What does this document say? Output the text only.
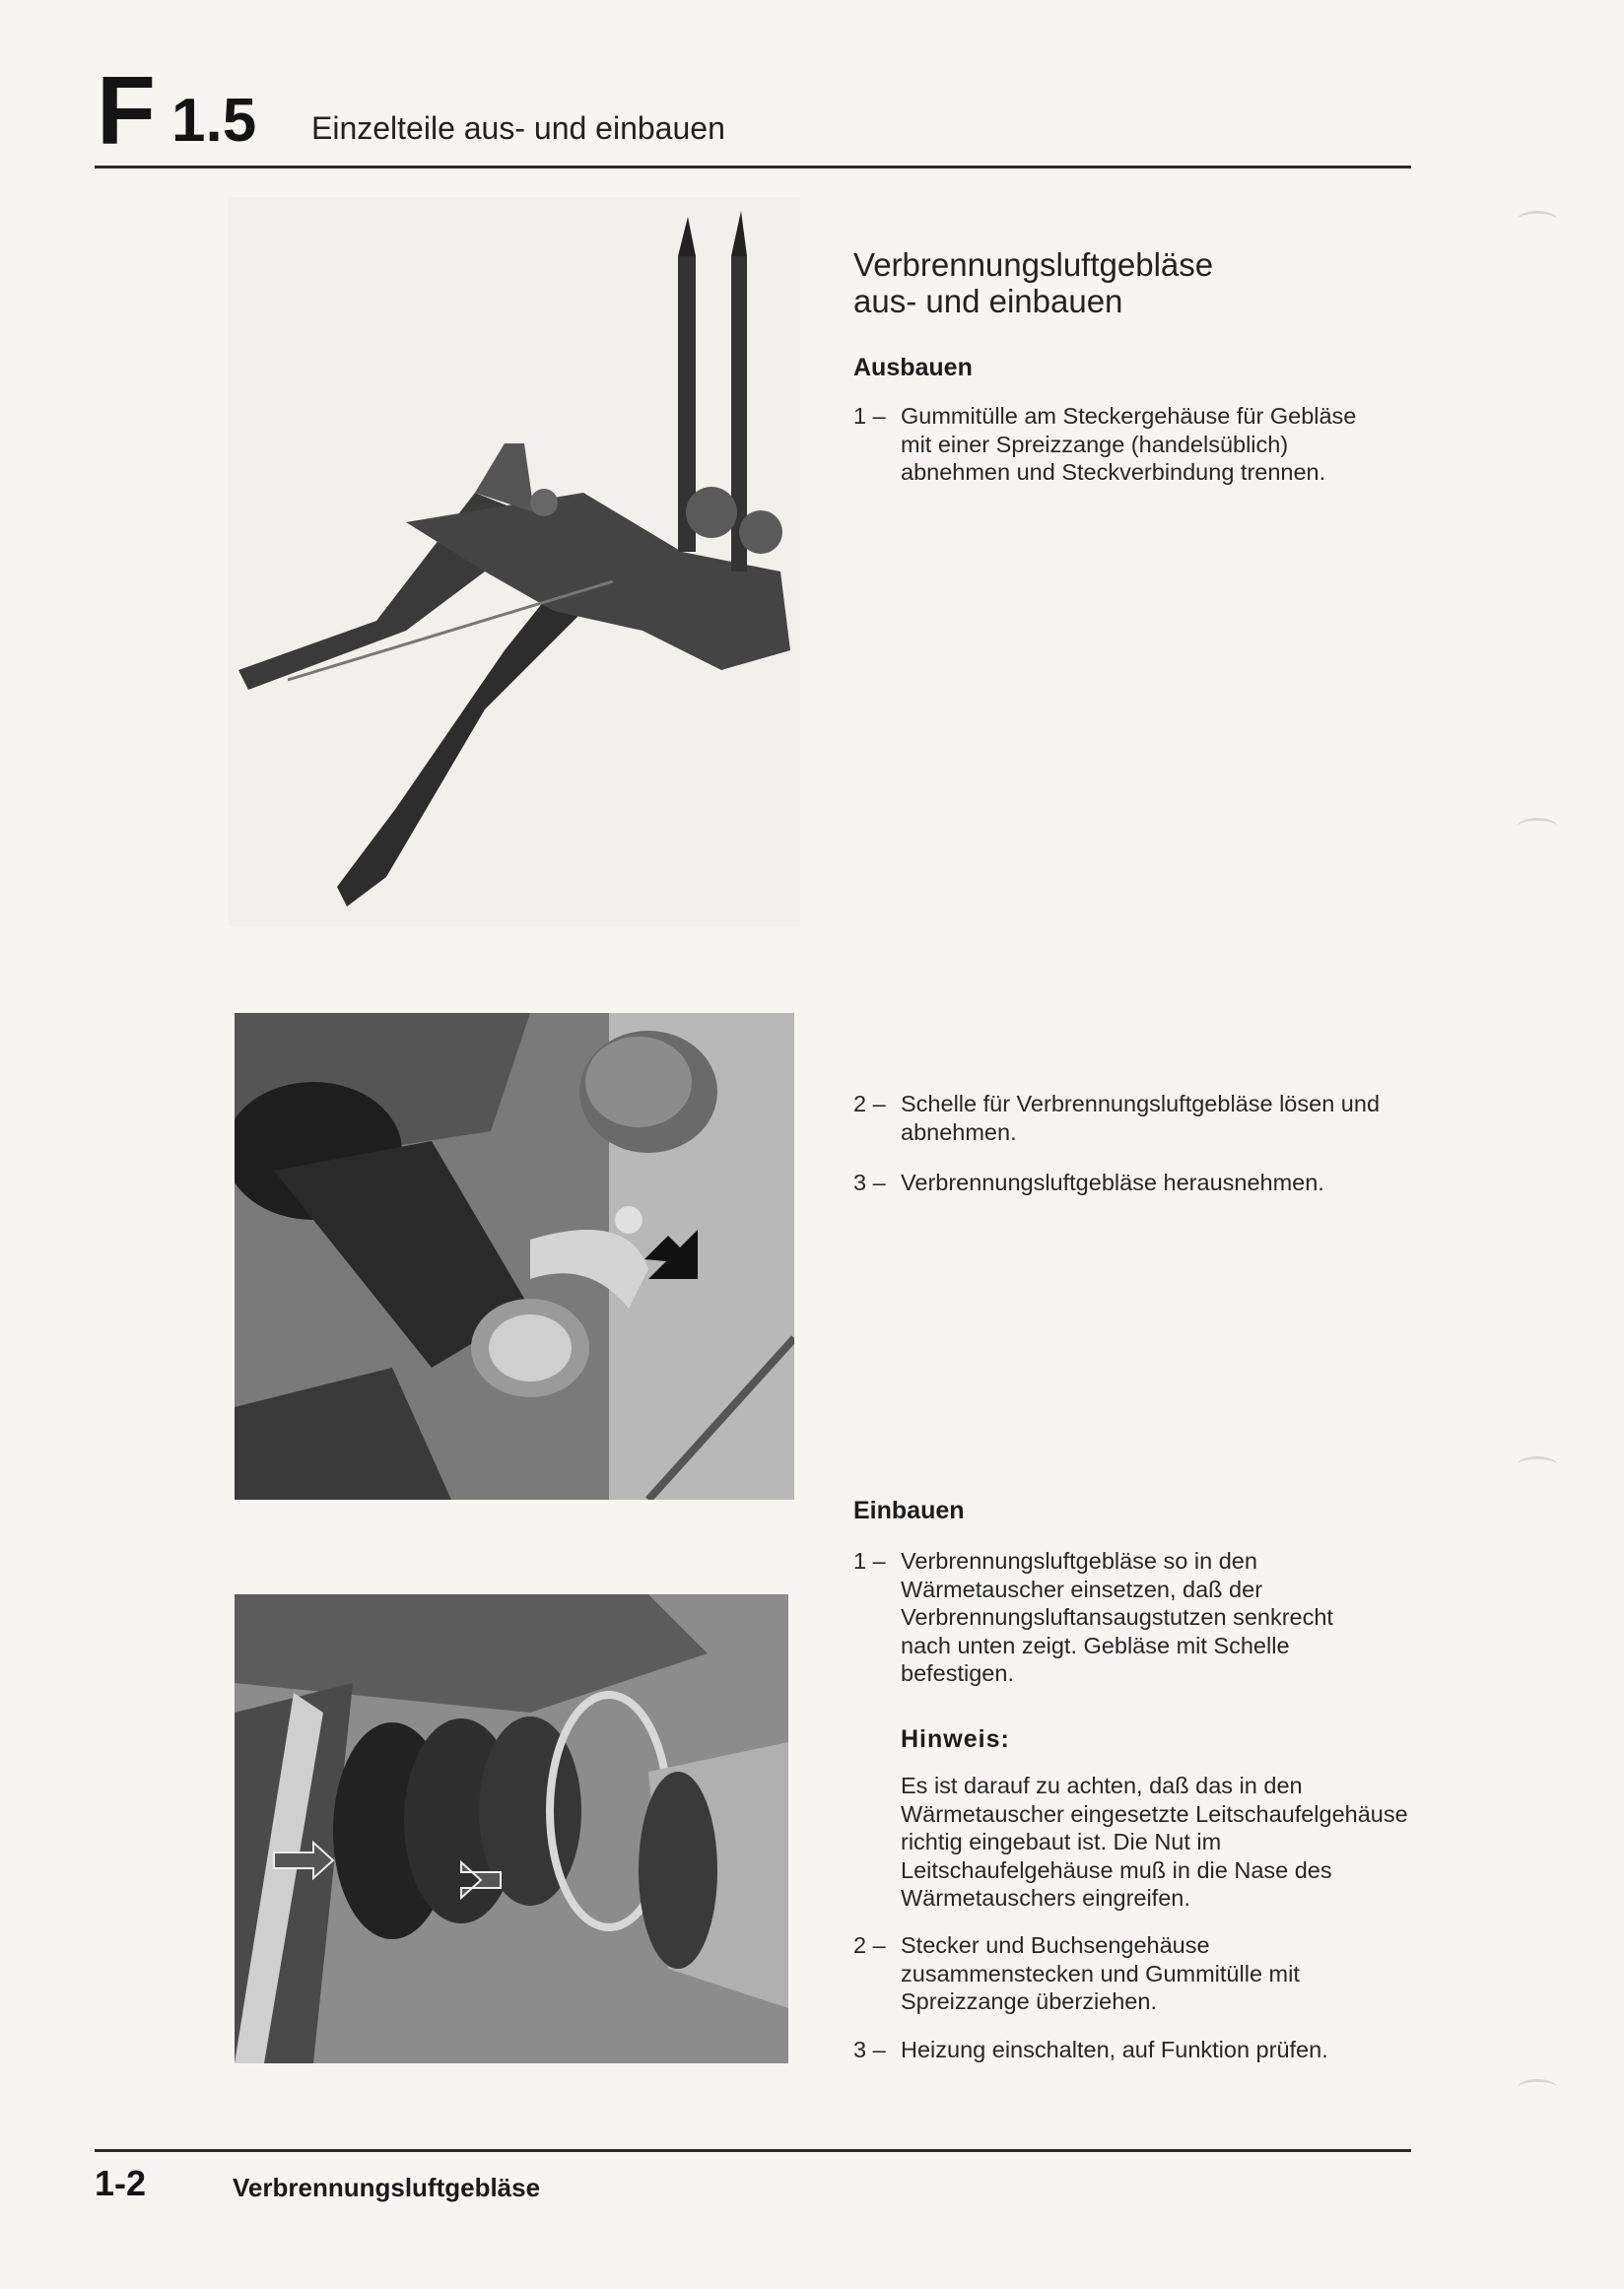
F 1.5 Einzelteile aus- und einbauen

Verbrennungsluftgebläse

aus- und einbauen

Ausbauen

1 – Gummitülle am Steckergehäuse für Gebläse mit einer Spreizzange (handelsüblich) abnehmen und Steckverbindung trennen.

2 – Schelle für Verbrennungsluftgebläse lösen und abnehmen.

3 – Verbrennungsluftgebläse herausnehmen.

Einbauen

1 – Verbrennungsluftgebläse so in den Wärmetauscher einsetzen, daß der Verbrennungsluftansaugstutzen senkrecht nach unten zeigt. Gebläse mit Schelle befestigen.

Hinweis:

Es ist darauf zu achten, daß das in den Wärmetauscher eingesetzte Leitschaufelgehäuse richtig eingebaut ist. Die Nut im Leitschaufelgehäuse muß in die Nase des Wärmetauschers eingreifen.

2 – Stecker und Buchsengehäuse zusammenstecken und Gummitülle mit Spreizzange überziehen.

3 – Heizung einschalten, auf Funktion prüfen.

1-2	Verbrennungsluftgebläse
